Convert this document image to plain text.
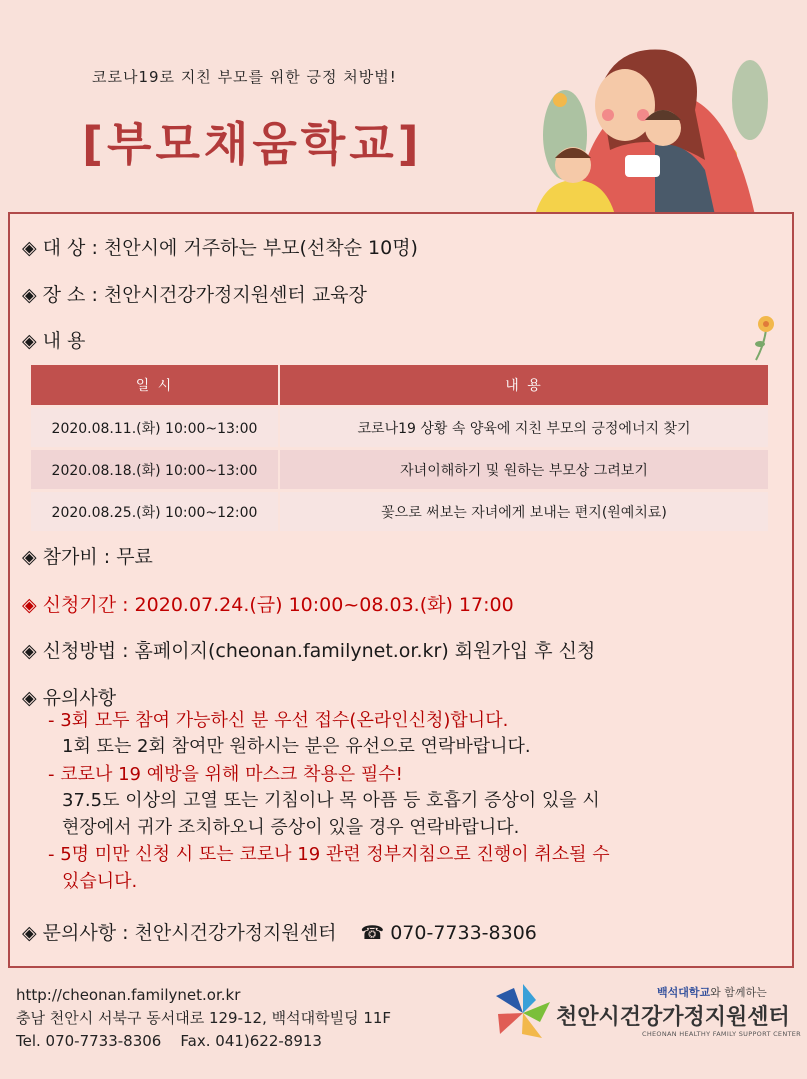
코로나19로 지친 부모를 위한 긍정 처방법!
[부모채움학교]
◈ 대 상 : 천안시에 거주하는 부모(선착순 10명)
◈ 장 소 : 천안시건강가정지원센터 교육장
◈ 내 용
일 시	내 용
2020.08.11.(화) 10:00~13:00	코로나19 상황 속 양육에 지친 부모의 긍정에너지 찾기
2020.08.18.(화) 10:00~13:00	자녀이해하기 및 원하는 부모상 그려보기
2020.08.25.(화) 10:00~12:00	꽃으로 써보는 자녀에게 보내는 편지(원예치료)
◈ 참가비 : 무료
◈ 신청기간 : 2020.07.24.(금) 10:00~08.03.(화) 17:00
◈ 신청방법 : 홈페이지(cheonan.familynet.or.kr) 회원가입 후 신청
◈ 유의사항
- 3회 모두 참여 가능하신 분 우선 접수(온라인신청)합니다.
1회 또는 2회 참여만 원하시는 분은 유선으로 연락바랍니다.
- 코로나 19 예방을 위해 마스크 착용은 필수!
37.5도 이상의 고열 또는 기침이나 목 아픔 등 호흡기 증상이 있을 시
현장에서 귀가 조치하오니 증상이 있을 경우 연락바랍니다.
- 5명 미만 신청 시 또는 코로나 19 관련 정부지침으로 진행이 취소될 수
있습니다.
◈ 문의사항 : 천안시건강가정지원센터 ☎ 070-7733-8306
http://cheonan.familynet.or.kr
충남 천안시 서북구 동서대로 129-12, 백석대학빌딩 11F
Tel. 070-7733-8306    Fax. 041)622-8913
백석대학교와 함께하는
천안시건강가정지원센터
CHEONAN HEALTHY FAMILY SUPPORT CENTER
